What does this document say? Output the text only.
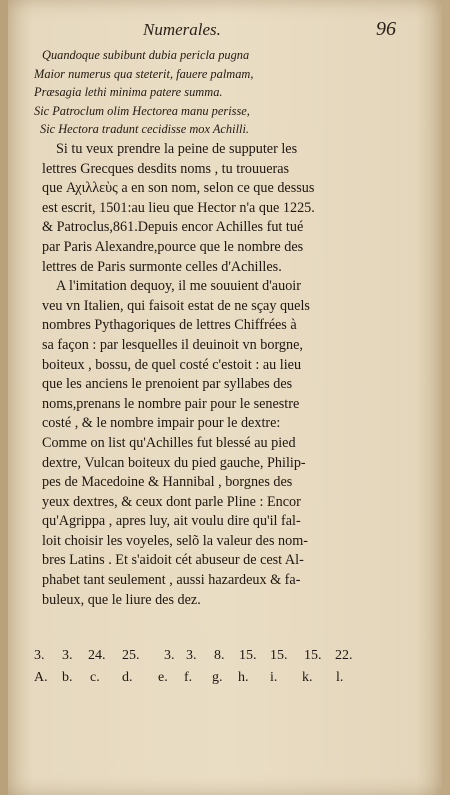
Numerales.	96
Quandoque subibunt dubia pericla pugna
Maior numerus qua steterit, fauere palmam,
Præsagia lethi minima patere summa.
Sic Patroclum olim Hectorea manu perisse,
Sic Hectora tradunt cecidisse mox Achilli.
Si tu veux prendre la peine de supputer les
lettres Grecques desdits noms , tu trouueras
que Αχιλλεὺς a en son nom, selon ce que dessus
est escrit, 1501:au lieu que Hector n'a que 1225.
& Patroclus,861.Depuis encor Achilles fut tué
par Paris Alexandre,pource que le nombre des
lettres de Paris surmonte celles d'Achilles.
A l'imitation dequoy, il me souuient d'auoir
veu vn Italien, qui faisoit estat de ne sçay quels
nombres Pythagoriques de lettres Chiffrées à
sa façon : par lesquelles il deuinoit vn borgne,
boiteux , bossu, de quel costé c'estoit : au lieu
que les anciens le prenoient par syllabes des
noms,prenans le nombre pair pour le senestre
costé , & le nombre impair pour le dextre:
Comme on list qu'Achilles fut blessé au pied
dextre, Vulcan boiteux du pied gauche, Philip-
pes de Macedoine & Hannibal , borgnes des
yeux dextres, & ceux dont parle Pline : Encor
qu'Agrippa , apres luy, ait voulu dire qu'il fal-
loit choisir les voyeles, selõ la valeur des nom-
bres Latins . Et s'aidoit cét abuseur de cest Al-
phabet tant seulement , aussi hazardeux & fa-
buleux, que le liure des dez.
3. 3. 24. 25. 3. 3. 8. 15. 15. 15. 22.
A. b. c. d. e. f. g. h. i. k. l.
